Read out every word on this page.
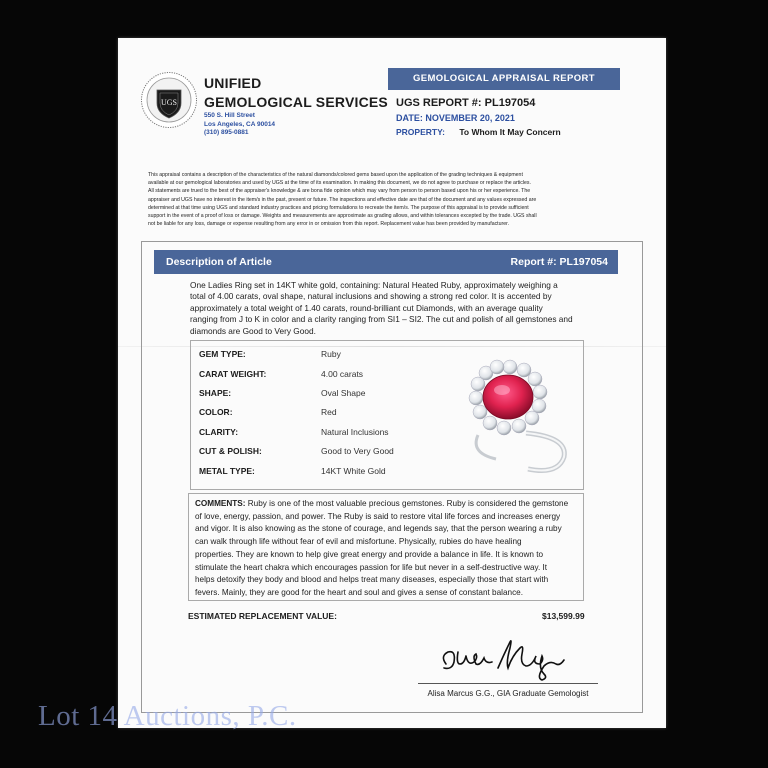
UGS
UNIFIED
GEMOLOGICAL SERVICES
550 S. Hill Street
Los Angeles, CA 90014
(310) 895-0881
GEMOLOGICAL APPRAISAL REPORT
UGS REPORT #: PL197054
DATE: NOVEMBER 20, 2021
PROPERTY: To Whom It May Concern
This appraisal contains a description of the characteristics of the natural diamonds/colored gems based upon the application of the grading techniques & equipment
available at our gemological laboratories and used by UGS at the time of its examination. In making this document, we do not agree to purchase or replace the articles.
All statements are trued to the best of the appraiser's knowledge & are bona fide opinion which may vary from person to person based upon his or her experience. The
appraiser and UGS have no interest in the item/s in the past, present or future. The inspections and effective date are that of the document and any values expressed are
determined at that time using UGS and standard industry practices and pricing formulations to recreate the item/s. The purpose of this appraisal is to provide sufficient
support in the event of a proof of loss or damage. Weights and measurements are approximate as grading allows, and within tolerances excepted by the trade. UGS shall
not be liable for any loss, damage or expense resulting from any error in or omission from this report. Replacement value has been provided by manufacturer.
Description of Article	Report #: PL197054
One Ladies Ring set in 14KT white gold, containing: Natural Heated Ruby, approximately weighing a
total of 4.00 carats, oval shape, natural inclusions and showing a strong red color. It is accented by
approximately a total weight of 1.40 carats, round-brilliant cut Diamonds, with an average quality
ranging from J to K in color and a clarity ranging from SI1 – SI2. The cut and polish of all gemstones and
diamonds are Good to Very Good.
GEM TYPE:	Ruby
CARAT WEIGHT:	4.00 carats
SHAPE:	Oval Shape
COLOR:	Red
CLARITY:	Natural Inclusions
CUT & POLISH:	Good to Very Good
METAL TYPE:	14KT White Gold
COMMENTS: Ruby is one of the most valuable precious gemstones. Ruby is considered the gemstone
of love, energy, passion, and power. The Ruby is said to restore vital life forces and increases energy
and vigor. It is also knowing as the stone of courage, and legends say, that the person wearing a ruby
can walk through life without fear of evil and misfortune. Physically, rubies do have healing
properties. They are known to help give great energy and provide a balance in life. It is known to
stimulate the heart chakra which encourages passion for life but never in a self-destructive way. It
helps detoxify they body and blood and helps treat many diseases, especially those that start with
fevers. Mainly, they are good for the heart and soul and gives a sense of constant balance.
ESTIMATED REPLACEMENT VALUE:	$13,599.99
Alisa Marcus G.G., GIA Graduate Gemologist
Lot 14 Auctions, P.C.
